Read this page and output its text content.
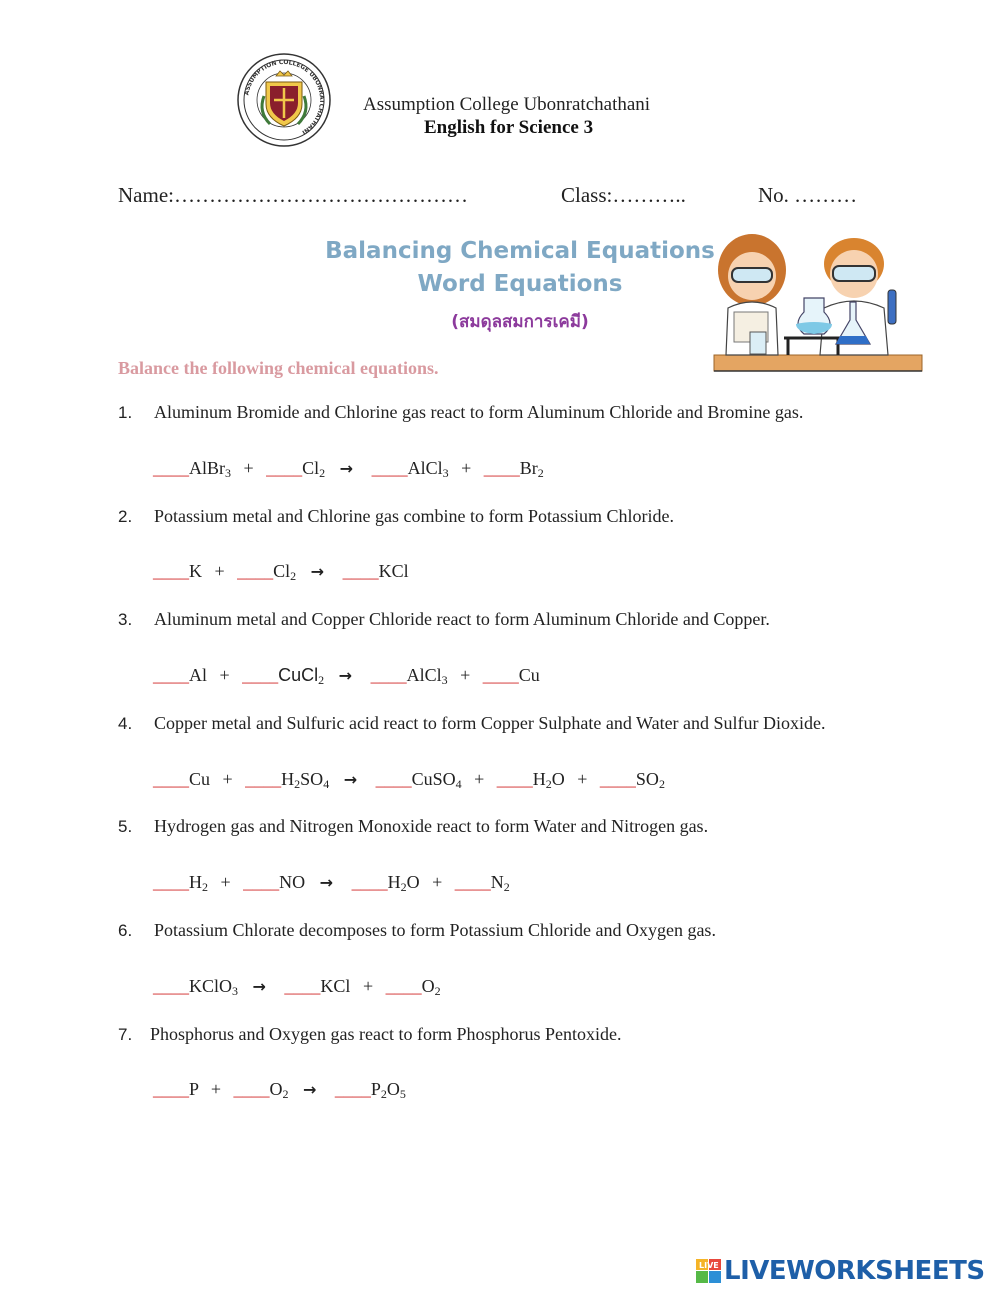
ASSUMPTION COLLEGE UBONRATCHATHANI
Assumption College Ubonratchathani
English for Science 3
Name:……………………………………	Class:………..	No. ………
Balancing Chemical Equations
Word Equations
(สมดุลสมการเคมี)
Balance the following chemical equations.
1. Aluminum Bromide and Chlorine gas react to form Aluminum Chloride and Bromine gas.
____AlBr$_3$ + $\_\_\_\_Cl_2$ → ____AlCl$_3$ + $\_\_\_\_Br_2$
2. Potassium metal and Chlorine gas combine to form Potassium Chloride.
____K + $\_\_\_\_Cl_2$ → ____KCl
3. Aluminum metal and Copper Chloride react to form Aluminum Chloride and Copper.
____Al + ____CuCl$_2$ → ____AlCl$_3$ + ____Cu
4. Copper metal and Sulfuric acid react to form Copper Sulphate and Water and Sulfur Dioxide.
____Cu + $\_\_\_\_H_2SO_4$ → ____CuSO$_4$ + $\_\_\_\_H_2O$ + $\_\_\_\_SO_2$
5. Hydrogen gas and Nitrogen Monoxide react to form Water and Nitrogen gas.
$\_\_\_\_H_2$ + ____NO → $\_\_\_\_H_2O$ + $\_\_\_\_N_2$
6. Potassium Chlorate decomposes to form Potassium Chloride and Oxygen gas.
____KClO$_3$ → ____KCl + $\_\_\_\_O_2$
7. Phosphorus and Oxygen gas react to form Phosphorus Pentoxide.
____P + $\_\_\_\_O_2$ → $\_\_\_\_P_2O_5$
LIVE LIVEWORKSHEETS
